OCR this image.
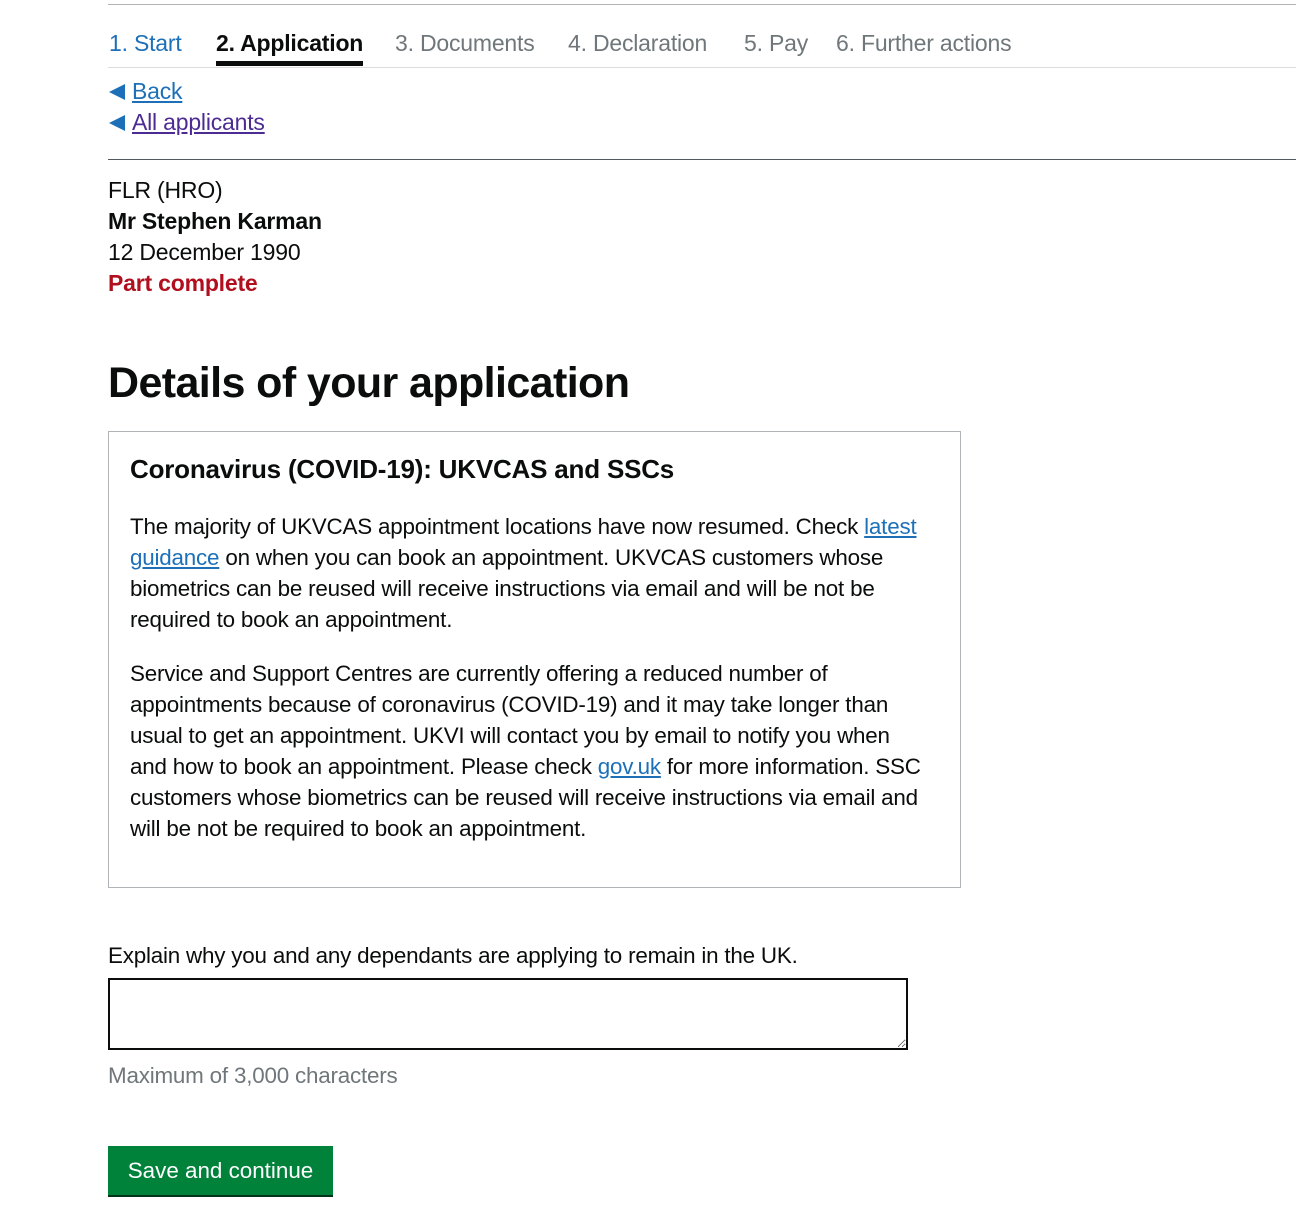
1. Start 2. Application 3. Documents 4. Declaration 5. Pay 6. Further actions
Back
All applicants
FLR (HRO)
Mr Stephen Karman
12 December 1990
Part complete
Details of your application
Coronavirus (COVID-19): UKVCAS and SSCs

The majority of UKVCAS appointment locations have now resumed. Check latest guidance on when you can book an appointment. UKVCAS customers whose biometrics can be reused will receive instructions via email and will be not be required to book an appointment.

Service and Support Centres are currently offering a reduced number of appointments because of coronavirus (COVID-19) and it may take longer than usual to get an appointment. UKVI will contact you by email to notify you when and how to book an appointment. Please check gov.uk for more information. SSC customers whose biometrics can be reused will receive instructions via email and will be not be required to book an appointment.

Explain why you and any dependants are applying to remain in the UK.
Maximum of 3,000 characters
Save and continue
